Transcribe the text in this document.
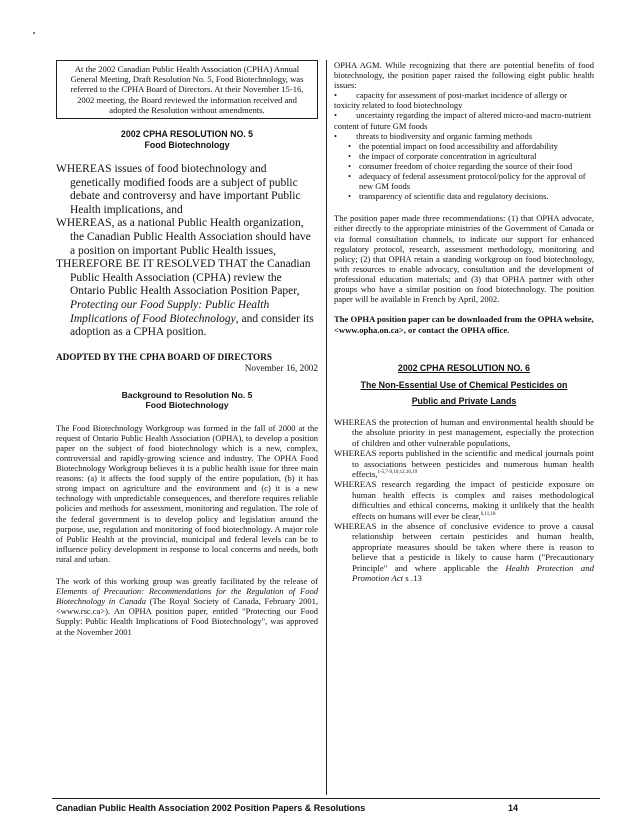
At the 2002 Canadian Public Health Association (CPHA) Annual General Meeting, Draft Resolution No. 5, Food Biotechnology, was referred to the CPHA Board of Directors. At their November 15-16, 2002 meeting, the Board reviewed the information received and adopted the Resolution without amendments.
2002 CPHA RESOLUTION NO. 5
Food Biotechnology

WHEREAS issues of food biotechnology and genetically modified foods are a subject of public debate and controversy and have important Public Health implications, and

WHEREAS, as a national Public Health organization, the Canadian Public Health Association should have a position on important Public Health issues,

THEREFORE BE IT RESOLVED THAT the Canadian Public Health Association (CPHA) review the Ontario Public Health Association Position Paper, Protecting our Food Supply: Public Health Implications of Food Biotechnology, and consider its adoption as a CPHA position.

ADOPTED BY THE CPHA BOARD OF DIRECTORS
November 16, 2002
Background to Resolution No. 5
Food Biotechnology
The Food Biotechnology Workgroup was formed in the fall of 2000 at the request of Ontario Public Health Association (OPHA), to develop a position paper on the subject of food biotechnology which is a new, complex, controversial and rapidly-growing science and industry. The OPHA Food Biotechnology Workgroup believes it is a public health issue for three main reasons: (a) it affects the food supply of the entire population, (b) it has strong impact on agriculture and the environment and (c) it is a new technology with unpredictable consequences, and therefore requires reliable policies and methods for assessment, monitoring and regulation. The role of the federal government is to develop policy and legislation around the purpose, use, regulation and monitoring of food biotechnology. A major role of Public Health at the provincial, municipal and federal levels can be to influence policy development in response to local concerns and needs, both rural and urban.
The work of this working group was greatly facilitated by the release of Elements of Precaution: Recommendations for the Regulation of Food Biotechnology in Canada (The Royal Society of Canada, February 2001, <www.rsc.ca>). An OPHA position paper, entitled "Protecting our Food Supply: Public Health Implications of Food Biotechnology", was approved at the November 2001
OPHA AGM. While recognizing that there are potential benefits of food biotechnology, the position paper raised the following eight public health issues:
•         capacity for assessment of post-market incidence of allergy or toxicity related to food biotechnology
•         uncertainty regarding the impact of altered micro-and macro-nutrient content of future GM foods
•         threats to biodiversity and organic farming methods
• the potential impact on food accessibility and affordability
• the impact of corporate concentration in agricultural
• consumer freedom of choice regarding the source of their food
• adequacy of federal assessment protocol/policy for the approval of new GM foods
• transparency of scientific data and regulatory decisions.
The position paper made three recommendations: (1) that OPHA advocate, either directly to the appropriate ministries of the Government of Canada or via formal consultation channels, to indicate our support for enhanced regulatory protocol, research, assessment methodology, monitoring and policy; (2) that OPHA retain a standing workgroup on food biotechnology, with resources to enable advocacy, consultation and the development of professional education materials; and (3) that OPHA partner with other groups who have a similar position on food biotechnology. The position paper will be available in French by April, 2002.
The OPHA position paper can be downloaded from the OPHA website, <www.opha.on.ca>, or contact the OPHA office.
2002 CPHA RESOLUTION NO. 6
The Non-Essential Use of Chemical Pesticides on
Public and Private Lands

WHEREAS the protection of human and environmental health should be the absolute priority in pest management, especially the protection of children and other vulnerable populations,

WHEREAS reports published in the scientific and medical journals point to associations between pesticides and numerous human health effects,$^{1-5,7-9,10,12,16,19}$

WHEREAS research regarding the impact of pesticide exposure on human health effects is complex and raises methodological difficulties and ethical concerns, making it unlikely that the health effects on humans will ever be clear,$^{6,11,18}$

WHEREAS in the absence of conclusive evidence to prove a causal relationship between certain pesticides and human health, appropriate measures should be taken where there is reason to believe that a pesticide is likely to cause harm ("Precautionary Principle" and where applicable the Health Protection and Promotion Act s .13

Canadian Public Health Association 2002 Position Papers & Resolutions	14
